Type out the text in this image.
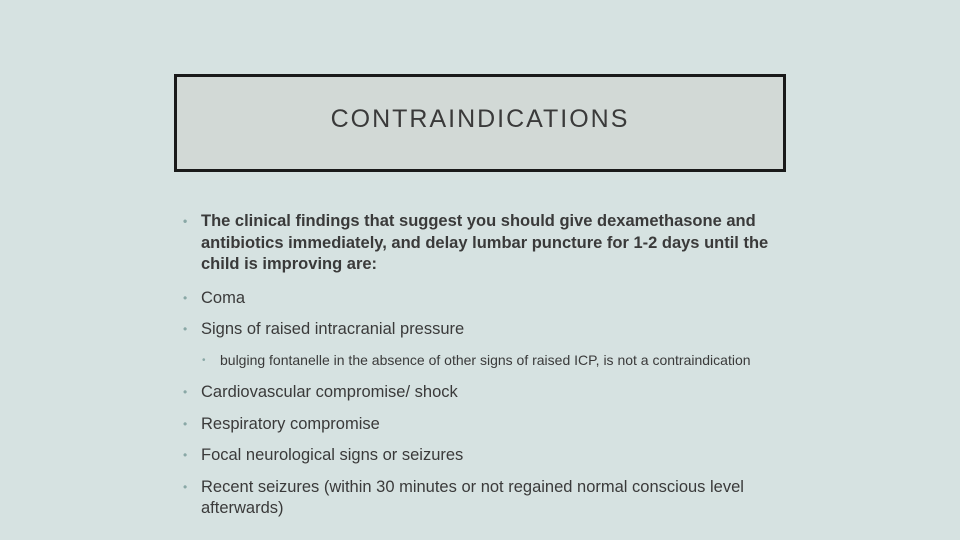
CONTRAINDICATIONS
• The clinical findings that suggest you should give dexamethasone and antibiotics immediately, and delay lumbar puncture for 1-2 days until the child is improving are:
• Coma
• Signs of raised intracranial pressure
• bulging fontanelle in the absence of other signs of raised ICP, is not a contraindication
• Cardiovascular compromise/ shock
• Respiratory compromise
• Focal neurological signs or seizures
• Recent seizures (within 30 minutes or not regained normal conscious level afterwards)
